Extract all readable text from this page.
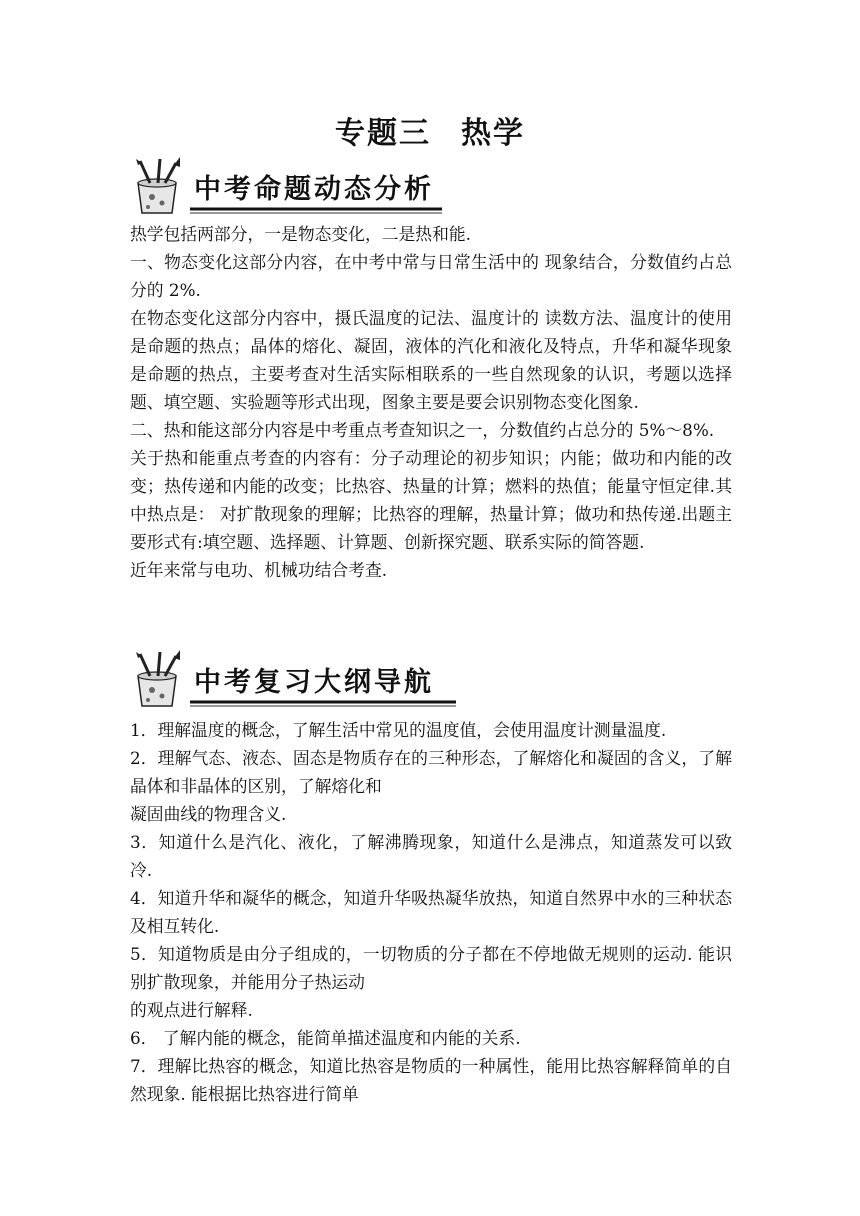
专题三 热学
中考命题动态分析

热学包括两部分，一是物态变化，二是热和能.

一、物态变化这部分内容，在中考中常与日常生活中的 现象结合，分数值约占总分的 2%.

在物态变化这部分内容中，摄氏温度的记法、温度计的 读数方法、温度计的使用是命题的热点；晶体的熔化、凝固，液体的汽化和液化及特点，升华和凝华现象是命题的热点，主要考查对生活实际相联系的一些自然现象的认识，考题以选择题、填空题、实验题等形式出现，图象主要是要会识别物态变化图象.

二、热和能这部分内容是中考重点考查知识之一，分数值约占总分的 5%～8%.

关于热和能重点考查的内容有：分子动理论的初步知识；内能；做功和内能的改变；热传递和内能的改变；比热容、热量的计算；燃料的热值；能量守恒定律.其中热点是： 对扩散现象的理解；比热容的理解，热量计算；做功和热传递.出题主要形式有:填空题、选择题、计算题、创新探究题、联系实际的简答题.

近年来常与电功、机械功结合考查.

中考复习大纲导航

1．理解温度的概念，了解生活中常见的温度值，会使用温度计测量温度.

2．理解气态、液态、固态是物质存在的三种形态，了解熔化和凝固的含义，了解晶体和非晶体的区别，了解熔化和

凝固曲线的物理含义.

3．知道什么是汽化、液化，了解沸腾现象，知道什么是沸点，知道蒸发可以致冷.

4．知道升华和凝华的概念，知道升华吸热凝华放热，知道自然界中水的三种状态及相互转化.

5．知道物质是由分子组成的，一切物质的分子都在不停地做无规则的运动. 能识别扩散现象，并能用分子热运动

的观点进行解释.

6． 了解内能的概念，能简单描述温度和内能的关系.

7．理解比热容的概念，知道比热容是物质的一种属性，能用比热容解释简单的自然现象. 能根据比热容进行简单
